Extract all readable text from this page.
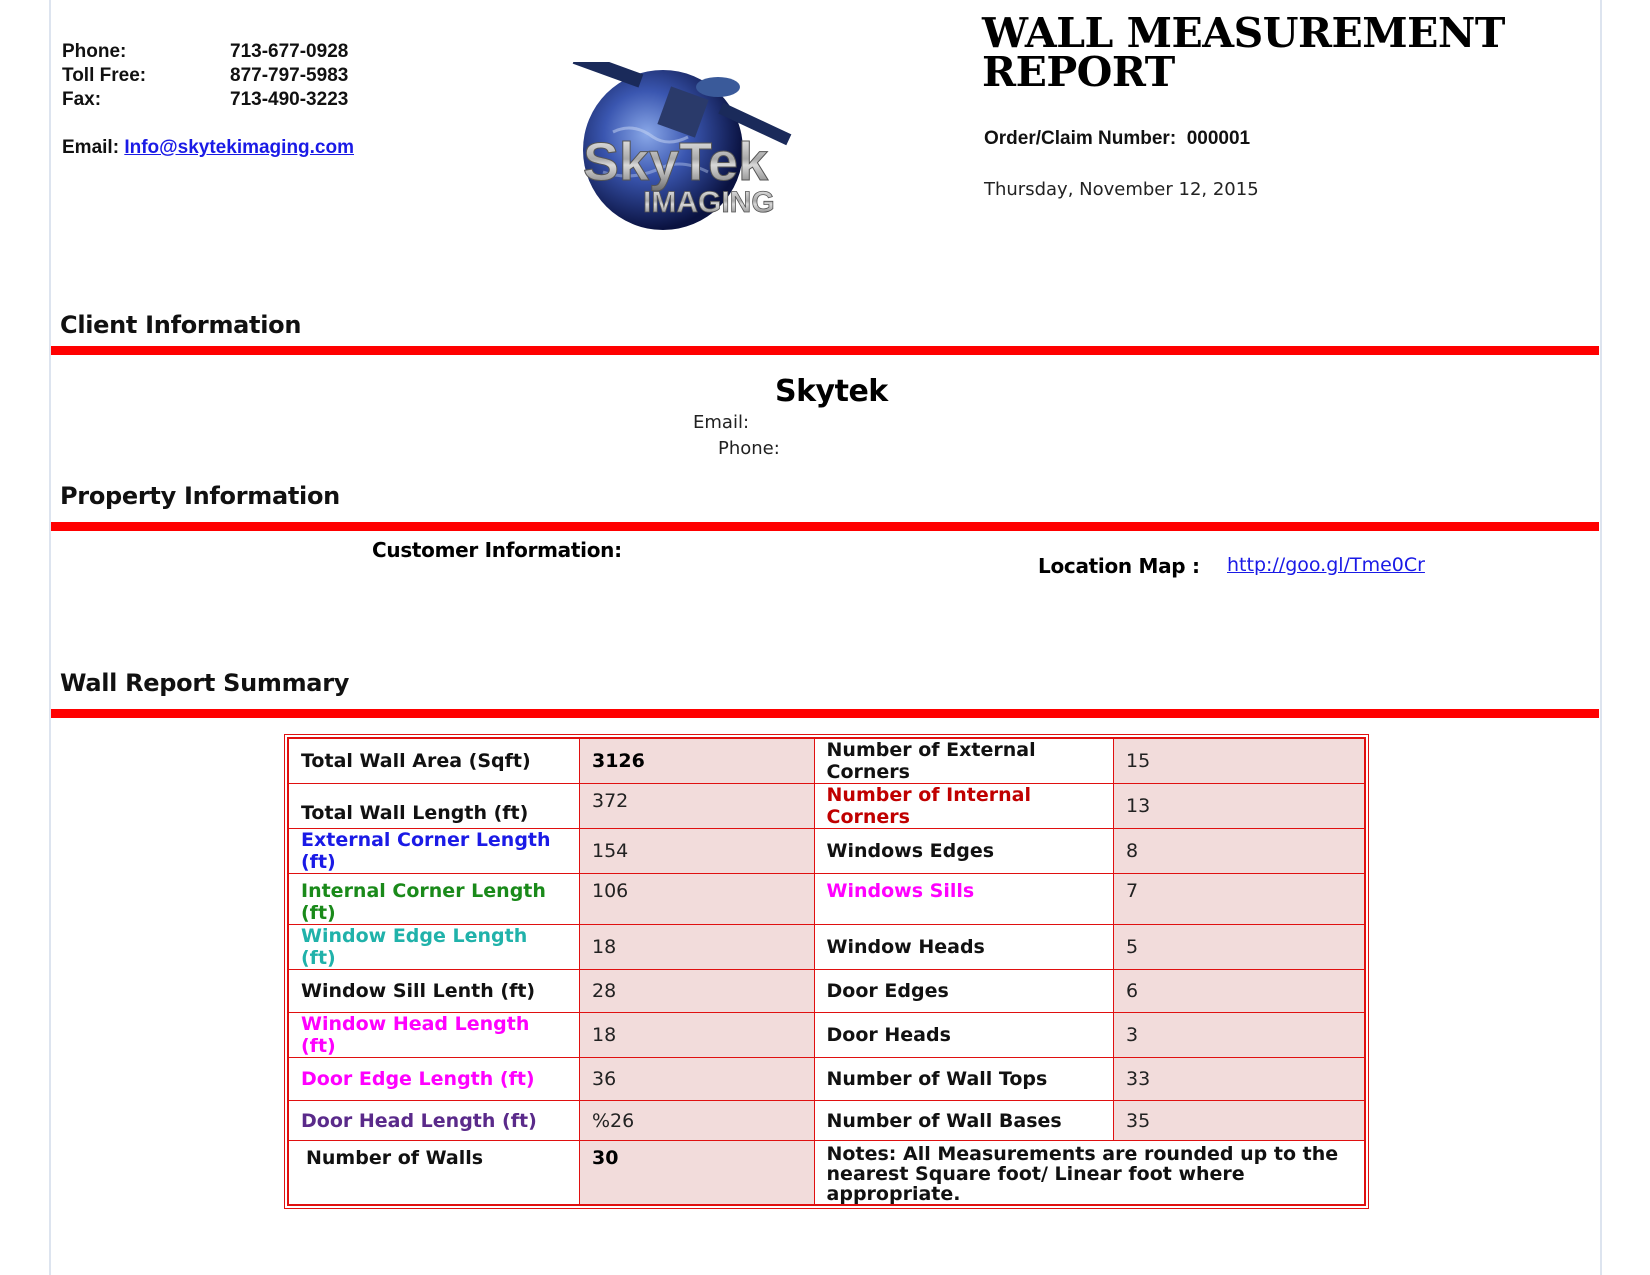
Phone:	713-677-0928
Toll Free:	877-797-5983
Fax:	713-490-3223
Email:
Info@skytekimaging.com	SkyTek
IMAGING
WALL MEASUREMENT
REPORT
Order/Claim Number: 000001
Thursday, November 12, 2015
Client Information
Skytek
Email:
Phone:
Property Information
Customer Information:
Location Map : http://goo.gl/Tme0Cr
Wall Report Summary
Total Wall Area (Sqft)	3126	Number of External Corners	15
Total Wall Length (ft)	372	Number of Internal Corners	13
External Corner Length (ft)	154	Windows Edges	8
Internal Corner Length (ft)	106	Windows Sills	7
Window Edge Length (ft)	18	Window Heads	5
Window Sill Lenth (ft)	28	Door Edges	6
Window Head Length (ft)	18	Door Heads	3
Door Edge Length (ft)	36	Number of Wall Tops	33
Door Head Length (ft)	%26	Number of Wall Bases	35
Number of Walls	30	Notes: All Measurements are rounded up to the nearest Square foot/ Linear foot where appropriate.	
